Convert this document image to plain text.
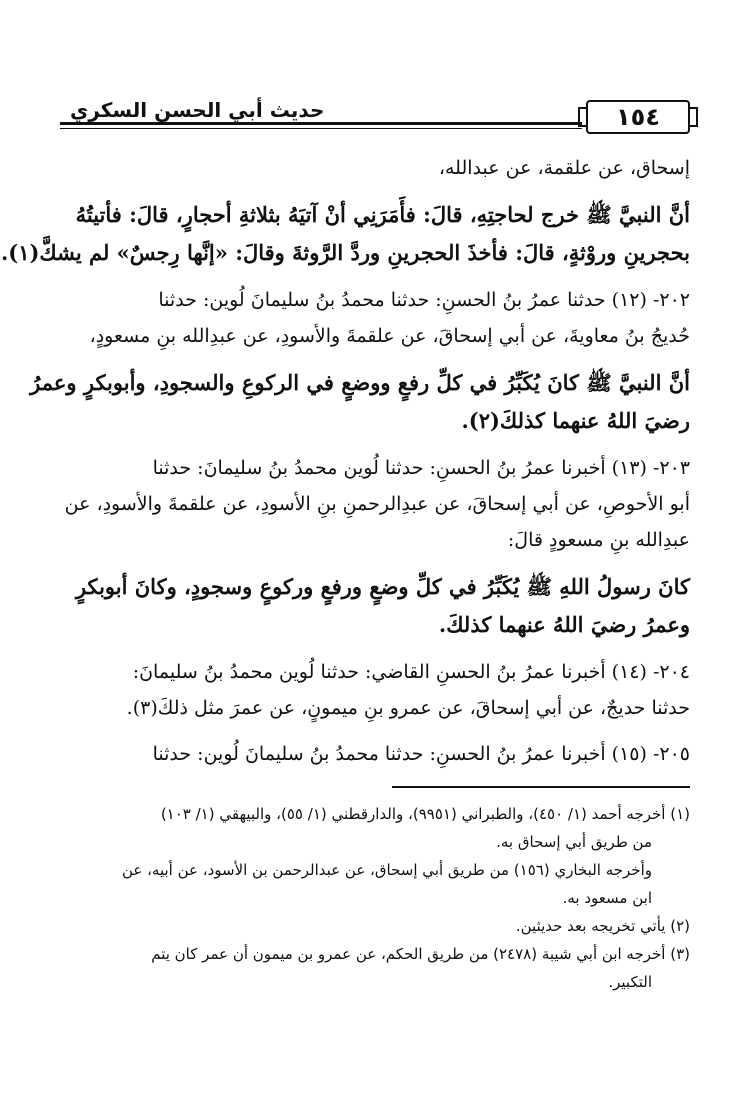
حديث أبي الحسن السكري	١٥٤
إسحاق، عن علقمة، عن عبدالله،
أنَّ النبيَّ ﷺ خرج لحاجتِهِ، قالَ: فأَمَرَنِي أنْ آتيَهُ بثلاثةِ أحجارٍ، قالَ: فأتيتُهُ
بحجرينِ وروْثةٍ، قالَ: فأخذَ الحجرينِ وردَّ الرَّوثةَ وقالَ: «إنَّها رِجسٌ» لم يشكَّ(١).
٢٠٢- (١٢) حدثنا عمرُ بنُ الحسنِ: حدثنا محمدُ بنُ سليمانَ لُوين: حدثنا
حُديجُ بنُ معاويةَ، عن أبي إسحاقَ، عن علقمةَ والأسودِ، عن عبدِالله بنِ مسعودٍ،
أنَّ النبيَّ ﷺ كانَ يُكَبِّرُ في كلِّ رفعٍ ووضعٍ في الركوعِ والسجودِ، وأبوبكرٍ وعمرُ
رضيَ اللهُ عنهما كذلكَ(٢).
٢٠٣- (١٣) أخبرنا عمرُ بنُ الحسنِ: حدثنا لُوين محمدُ بنُ سليمانَ: حدثنا
أبو الأحوصِ، عن أبي إسحاقَ، عن عبدِالرحمنِ بنِ الأسودِ، عن علقمةَ والأسودِ، عن
عبدِالله بنِ مسعودٍ قالَ:
كانَ رسولُ اللهِ ﷺ يُكَبِّرُ في كلِّ وضعٍ ورفعٍ وركوعٍ وسجودٍ، وكانَ أبوبكرٍ
وعمرُ رضيَ اللهُ عنهما كذلكَ.
٢٠٤- (١٤) أخبرنا عمرُ بنُ الحسنِ القاضي: حدثنا لُوين محمدُ بنُ سليمانَ:
حدثنا حديجٌ، عن أبي إسحاقَ، عن عمرو بنِ ميمونٍ، عن عمرَ مثل ذلكَ(٣).
٢٠٥- (١٥) أخبرنا عمرُ بنُ الحسنِ: حدثنا محمدُ بنُ سليمانَ لُوين: حدثنا
(١) أخرجه أحمد (١/ ٤٥٠)، والطبراني (٩٩٥١)، والدارقطني (١/ ٥٥)، والبيهقي (١/ ١٠٣)
من طريق أبي إسحاق به.
وأخرجه البخاري (١٥٦) من طريق أبي إسحاق، عن عبدالرحمن بن الأسود، عن أبيه، عن
ابن مسعود به.
(٢) يأتي تخريجه بعد حديثين.
(٣) أخرجه ابن أبي شيبة (٢٤٧٨) من طريق الحكم، عن عمرو بن ميمون أن عمر كان يتم
التكبير.
